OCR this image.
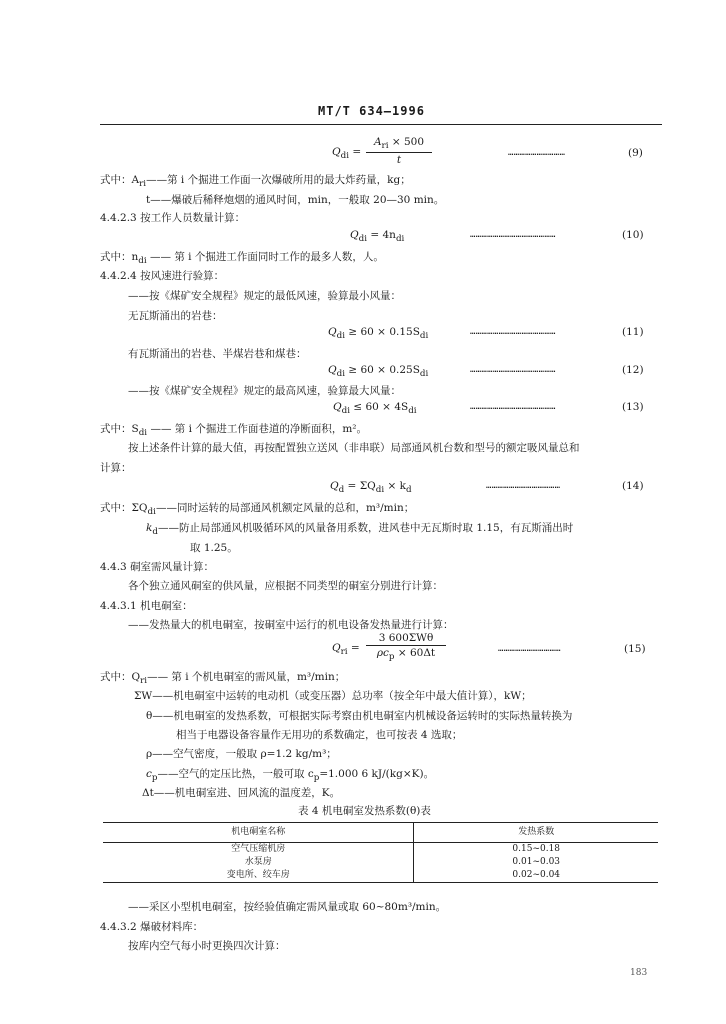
MT/T 634—1996
$Q_{di}$ =
$A_{ri} \times 500$
t
…………………………	(9)
式中：$A_{ri}——$第 i 个掘进工作面一次爆破所用的最大炸药量，kg；
t——爆破后稀释炮烟的通风时间，min，一般取 20—30 min。
4.4.2.3 按工作人员数量计算：
$Q_{di} = 4n_{di}$	………………………………………	(10)
式中：$n_{di}$ —— 第 i 个掘进工作面同时工作的最多人数，人。
4.4.2.4 按风速进行验算：
——按《煤矿安全规程》规定的最低风速，验算最小风量：
无瓦斯涌出的岩巷：
$Q_{di} \ge 60 \times 0.15S_{di}$	………………………………………	(11)
有瓦斯涌出的岩巷、半煤岩巷和煤巷：
$Q_{di} \ge 60 \times 0.25S_{di}$	………………………………………	(12)
——按《煤矿安全规程》规定的最高风速，验算最大风量：
$Q_{di} \le 60 \times 4S_{di}$	………………………………………	(13)
式中：$S_{di}$ —— 第 i 个掘进工作面巷道的净断面积，m²。
按上述条件计算的最大值，再按配置独立送风（非串联）局部通风机台数和型号的额定吸风量总和
计算：
$Q_d = \Sigma Q_{di} \times k_d$	…………………………………	(14)
式中：$\Sigma Q_{di}——$同时运转的局部通风机额定风量的总和，m³/min；
$k_d——$防止局部通风机吸循环风的风量备用系数，进风巷中无瓦斯时取 1.15，有瓦斯涌出时
取 1.25。
4.4.3 硐室需风量计算：
各个独立通风硐室的供风量，应根据不同类型的硐室分别进行计算：
4.4.3.1 机电硐室：
——发热量大的机电硐室，按硐室中运行的机电设备发热量进行计算：
$Q_{ri}$ =
3 600ΣWθ
$\rho c_p \times 60\Delta t$	……………………………	(15)
式中：$Q_{ri}——$ 第 i 个机电硐室的需风量，m³/min；
ΣW——机电硐室中运转的电动机（或变压器）总功率（按全年中最大值计算），kW；
θ——机电硐室的发热系数，可根据实际考察由机电硐室内机械设备运转时的实际热量转换为
相当于电器设备容量作无用功的系数确定，也可按表 4 选取；
ρ——空气密度，一般取 ρ=1.2 kg/m³；
$c_p——$空气的定压比热，一般可取 $c_p=1.000$ 6 kJ/(kg×K)。
Δt——机电硐室进、回风流的温度差，K。
表 4 机电硐室发热系数(θ)表
机电硐室名称	发热系数
空气压缩机房	0.15~0.18
水泵房	0.01~0.03
变电所、绞车房	0.02~0.04
——采区小型机电硐室，按经验值确定需风量或取 60~80m³/min。
4.4.3.2 爆破材料库：
按库内空气每小时更换四次计算：
183
